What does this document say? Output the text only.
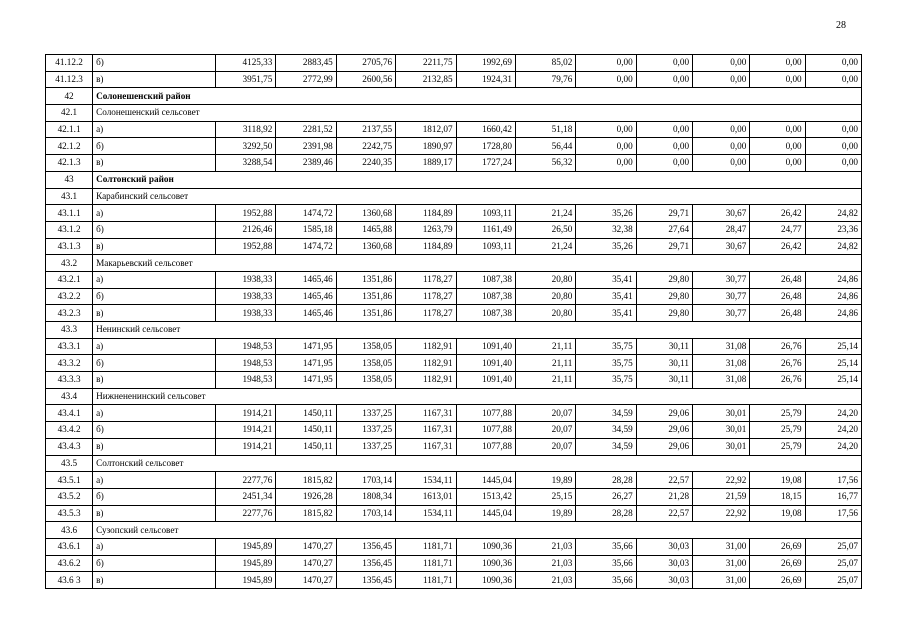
28
41.12.2	б)	4125,33	2883,45	2705,76	2211,75	1992,69	85,02	0,00	0,00	0,00	0,00	0,00
41.12.3	в)	3951,75	2772,99	2600,56	2132,85	1924,31	79,76	0,00	0,00	0,00	0,00	0,00
42	Солонешенский район											
42.1	Солонешенский сельсовет											
42.1.1	а)	3118,92	2281,52	2137,55	1812,07	1660,42	51,18	0,00	0,00	0,00	0,00	0,00
42.1.2	б)	3292,50	2391,98	2242,75	1890,97	1728,80	56,44	0,00	0,00	0,00	0,00	0,00
42.1.3	в)	3288,54	2389,46	2240,35	1889,17	1727,24	56,32	0,00	0,00	0,00	0,00	0,00
43	Солтонский район											
43.1	Карабинский сельсовет											
43.1.1	а)	1952,88	1474,72	1360,68	1184,89	1093,11	21,24	35,26	29,71	30,67	26,42	24,82
43.1.2	б)	2126,46	1585,18	1465,88	1263,79	1161,49	26,50	32,38	27,64	28,47	24,77	23,36
43.1.3	в)	1952,88	1474,72	1360,68	1184,89	1093,11	21,24	35,26	29,71	30,67	26,42	24,82
43.2	Макарьевский сельсовет											
43.2.1	а)	1938,33	1465,46	1351,86	1178,27	1087,38	20,80	35,41	29,80	30,77	26,48	24,86
43.2.2	б)	1938,33	1465,46	1351,86	1178,27	1087,38	20,80	35,41	29,80	30,77	26,48	24,86
43.2.3	в)	1938,33	1465,46	1351,86	1178,27	1087,38	20,80	35,41	29,80	30,77	26,48	24,86
43.3	Ненинский сельсовет											
43.3.1	а)	1948,53	1471,95	1358,05	1182,91	1091,40	21,11	35,75	30,11	31,08	26,76	25,14
43.3.2	б)	1948,53	1471,95	1358,05	1182,91	1091,40	21,11	35,75	30,11	31,08	26,76	25,14
43.3.3	в)	1948,53	1471,95	1358,05	1182,91	1091,40	21,11	35,75	30,11	31,08	26,76	25,14
43.4	Нижнененинский сельсовет											
43.4.1	а)	1914,21	1450,11	1337,25	1167,31	1077,88	20,07	34,59	29,06	30,01	25,79	24,20
43.4.2	б)	1914,21	1450,11	1337,25	1167,31	1077,88	20,07	34,59	29,06	30,01	25,79	24,20
43.4.3	в)	1914,21	1450,11	1337,25	1167,31	1077,88	20,07	34,59	29,06	30,01	25,79	24,20
43.5	Солтонский сельсовет											
43.5.1	а)	2277,76	1815,82	1703,14	1534,11	1445,04	19,89	28,28	22,57	22,92	19,08	17,56
43.5.2	б)	2451,34	1926,28	1808,34	1613,01	1513,42	25,15	26,27	21,28	21,59	18,15	16,77
43.5.3	в)	2277,76	1815,82	1703,14	1534,11	1445,04	19,89	28,28	22,57	22,92	19,08	17,56
43.6	Сузопский сельсовет											
43.6.1	а)	1945,89	1470,27	1356,45	1181,71	1090,36	21,03	35,66	30,03	31,00	26,69	25,07
43.6.2	б)	1945,89	1470,27	1356,45	1181,71	1090,36	21,03	35,66	30,03	31,00	26,69	25,07
43.6 3	в)	1945,89	1470,27	1356,45	1181,71	1090,36	21,03	35,66	30,03	31,00	26,69	25,07
